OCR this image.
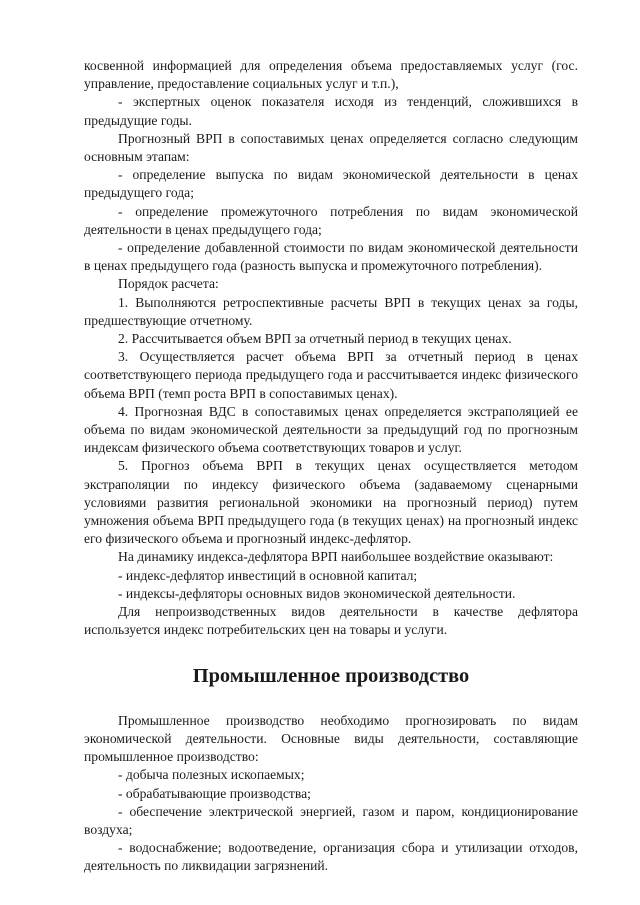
косвенной информацией для определения объема предоставляемых услуг (гос. управление, предоставление социальных услуг и т.п.),

- экспертных оценок показателя исходя из тенденций, сложившихся в предыдущие годы.

Прогнозный ВРП в сопоставимых ценах определяется согласно следующим основным этапам:

- определение выпуска по видам экономической деятельности в ценах предыдущего года;

- определение промежуточного потребления по видам экономической деятельности в ценах предыдущего года;

- определение добавленной стоимости по видам экономической деятельности в ценах предыдущего года (разность выпуска и промежуточного потребления).

Порядок расчета:

1. Выполняются ретроспективные расчеты ВРП в текущих ценах за годы, предшествующие отчетному.

2. Рассчитывается объем ВРП за отчетный период в текущих ценах.

3. Осуществляется расчет объема ВРП за отчетный период в ценах соответствующего периода предыдущего года и рассчитывается индекс физического объема ВРП (темп роста ВРП в сопоставимых ценах).

4. Прогнозная ВДС в сопоставимых ценах определяется экстраполяцией ее объема по видам экономической деятельности за предыдущий год по прогнозным индексам физического объема соответствующих товаров и услуг.

5. Прогноз объема ВРП в текущих ценах осуществляется методом экстраполяции по индексу физического объема (задаваемому сценарными условиями развития региональной экономики на прогнозный период) путем умножения объема ВРП предыдущего года (в текущих ценах) на прогнозный индекс его физического объема и прогнозный индекс-дефлятор.

На динамику индекса-дефлятора ВРП наибольшее воздействие оказывают:

- индекс-дефлятор инвестиций в основной капитал;

- индексы-дефляторы основных видов экономической деятельности.

Для непроизводственных видов деятельности в качестве дефлятора используется индекс потребительских цен на товары и услуги.

Промышленное производство

Промышленное производство необходимо прогнозировать по видам экономической деятельности. Основные виды деятельности, составляющие промышленное производство:

- добыча полезных ископаемых;

- обрабатывающие производства;

- обеспечение электрической энергией, газом и паром, кондиционирование воздуха;

- водоснабжение; водоотведение, организация сбора и утилизации отходов, деятельность по ликвидации загрязнений.
